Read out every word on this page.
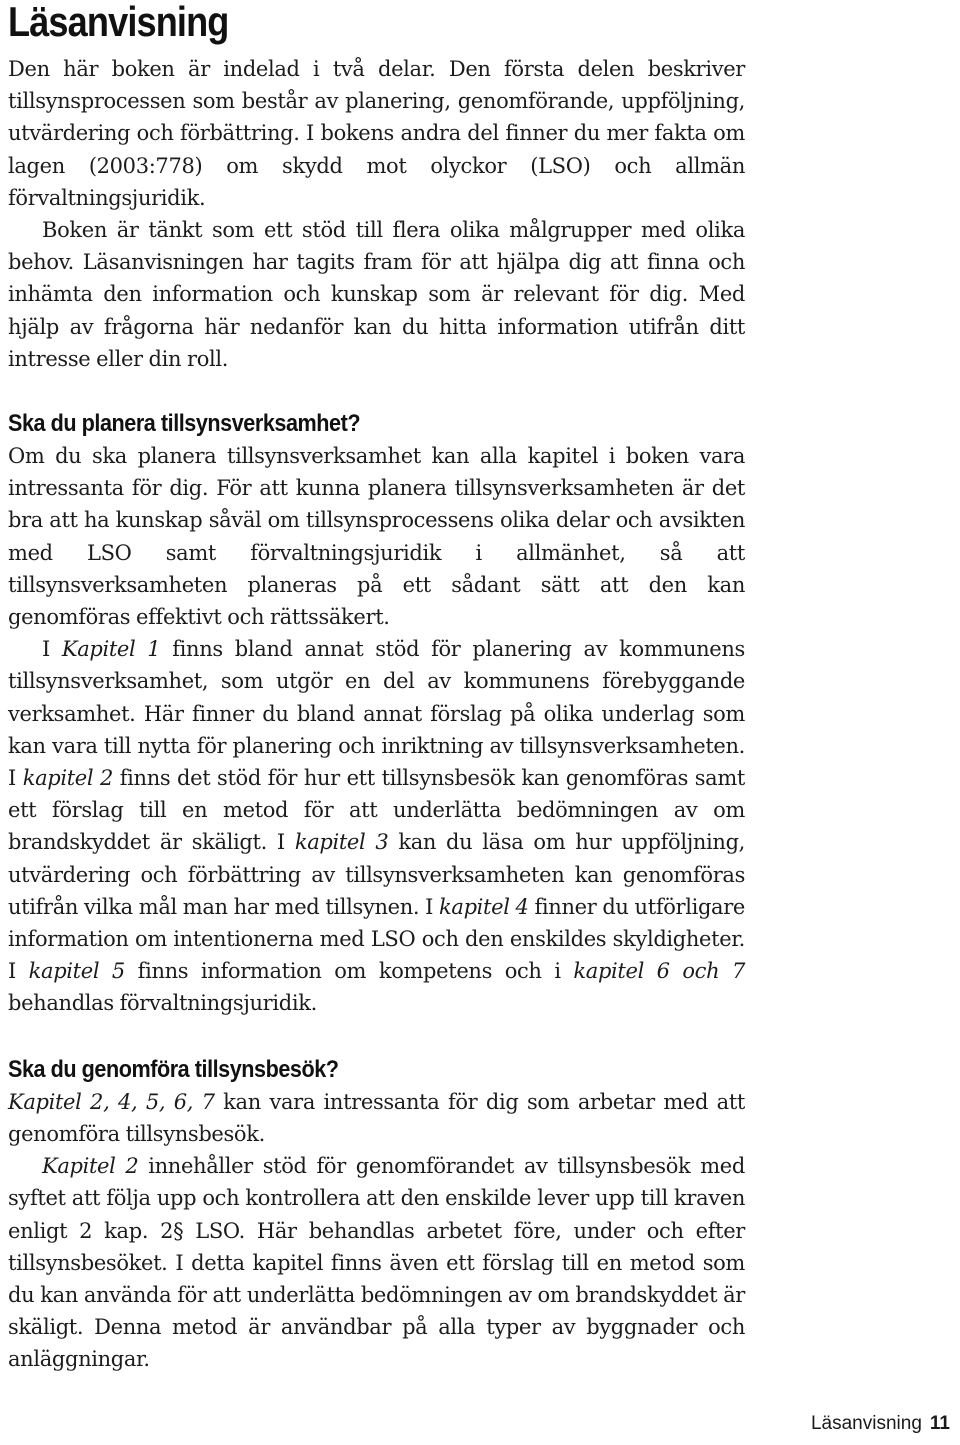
Läsanvisning

Den här boken är indelad i två delar. Den första delen beskriver tillsynsprocessen som består av planering, genomförande, uppföljning, utvärdering och förbättring. I bokens andra del finner du mer fakta om lagen (2003:778) om skydd mot olyckor (LSO) och allmän förvaltningsjuridik.

Boken är tänkt som ett stöd till flera olika målgrupper med olika behov. Läsanvisningen har tagits fram för att hjälpa dig att finna och inhämta den information och kunskap som är relevant för dig. Med hjälp av frågorna här nedanför kan du hitta information utifrån ditt intresse eller din roll.

Ska du planera tillsynsverksamhet?

Om du ska planera tillsynsverksamhet kan alla kapitel i boken vara intressanta för dig. För att kunna planera tillsynsverksamheten är det bra att ha kunskap såväl om tillsynsprocessens olika delar och avsikten med LSO samt förvaltningsjuridik i allmänhet, så att tillsynsverksamheten planeras på ett sådant sätt att den kan genomföras effektivt och rättssäkert.

I Kapitel 1 finns bland annat stöd för planering av kommunens tillsynsverksamhet, som utgör en del av kommunens förebyggande verksamhet. Här finner du bland annat förslag på olika underlag som kan vara till nytta för planering och inriktning av tillsynsverksamheten. I kapitel 2 finns det stöd för hur ett tillsynsbesök kan genomföras samt ett förslag till en metod för att underlätta bedömningen av om brandskyddet är skäligt. I kapitel 3 kan du läsa om hur uppföljning, utvärdering och förbättring av tillsynsverksamheten kan genomföras utifrån vilka mål man har med tillsynen. I kapitel 4 finner du utförligare information om intentionerna med LSO och den enskildes skyldigheter. I kapitel 5 finns information om kompetens och i kapitel 6 och 7 behandlas förvaltningsjuridik.

Ska du genomföra tillsynsbesök?

Kapitel 2, 4, 5, 6, 7 kan vara intressanta för dig som arbetar med att genomföra tillsynsbesök.

Kapitel 2 innehåller stöd för genomförandet av tillsynsbesök med syftet att följa upp och kontrollera att den enskilde lever upp till kraven enligt 2 kap. 2§ LSO. Här behandlas arbetet före, under och efter tillsynsbesöket. I detta kapitel finns även ett förslag till en metod som du kan använda för att underlätta bedömningen av om brandskyddet är skäligt. Denna metod är användbar på alla typer av byggnader och anläggningar.

Läsanvisning 11
